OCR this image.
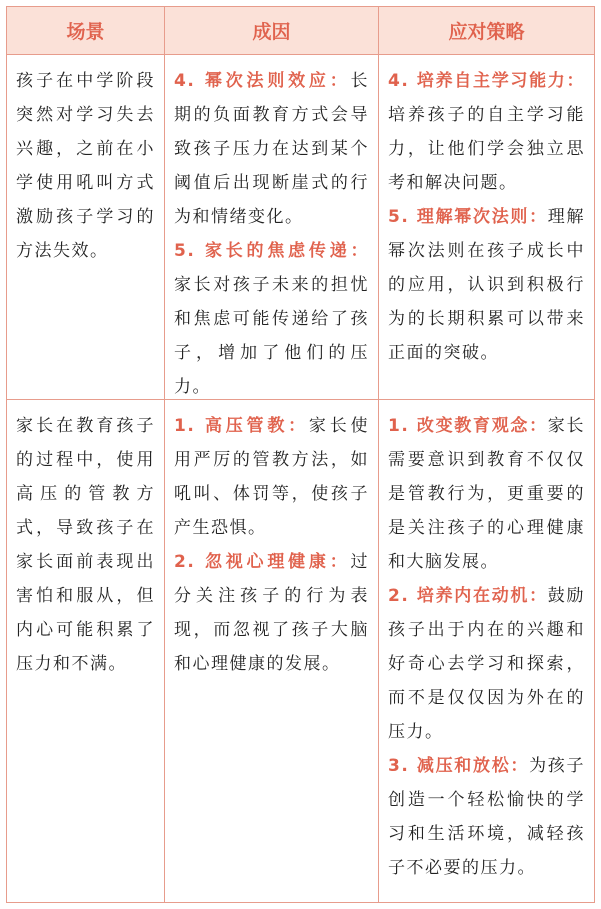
场景	成因	应对策略
孩子在中学阶段突然对学习失去兴趣，之前在小学使用吼叫方式激励孩子学习的方法失效。

4. 幂次法则效应：长期的负面教育方式会导致孩子压力在达到某个阈值后出现断崖式的行为和情绪变化。

5. 家长的焦虑传递：家长对孩子未来的担忧和焦虑可能传递给了孩子，增加了他们的压力。

4. 培养自主学习能力：培养孩子的自主学习能力，让他们学会独立思考和解决问题。

5. 理解幂次法则：理解幂次法则在孩子成长中的应用，认识到积极行为的长期积累可以带来正面的突破。

家长在教育孩子的过程中，使用高压的管教方式，导致孩子在家长面前表现出害怕和服从，但内心可能积累了压力和不满。

1. 高压管教：家长使用严厉的管教方法，如吼叫、体罚等，使孩子产生恐惧。

2. 忽视心理健康：过分关注孩子的行为表现，而忽视了孩子大脑和心理健康的发展。

1. 改变教育观念：家长需要意识到教育不仅仅是管教行为，更重要的是关注孩子的心理健康和大脑发展。

2. 培养内在动机：鼓励孩子出于内在的兴趣和好奇心去学习和探索，而不是仅仅因为外在的压力。

3. 减压和放松：为孩子创造一个轻松愉快的学习和生活环境，减轻孩子不必要的压力。
